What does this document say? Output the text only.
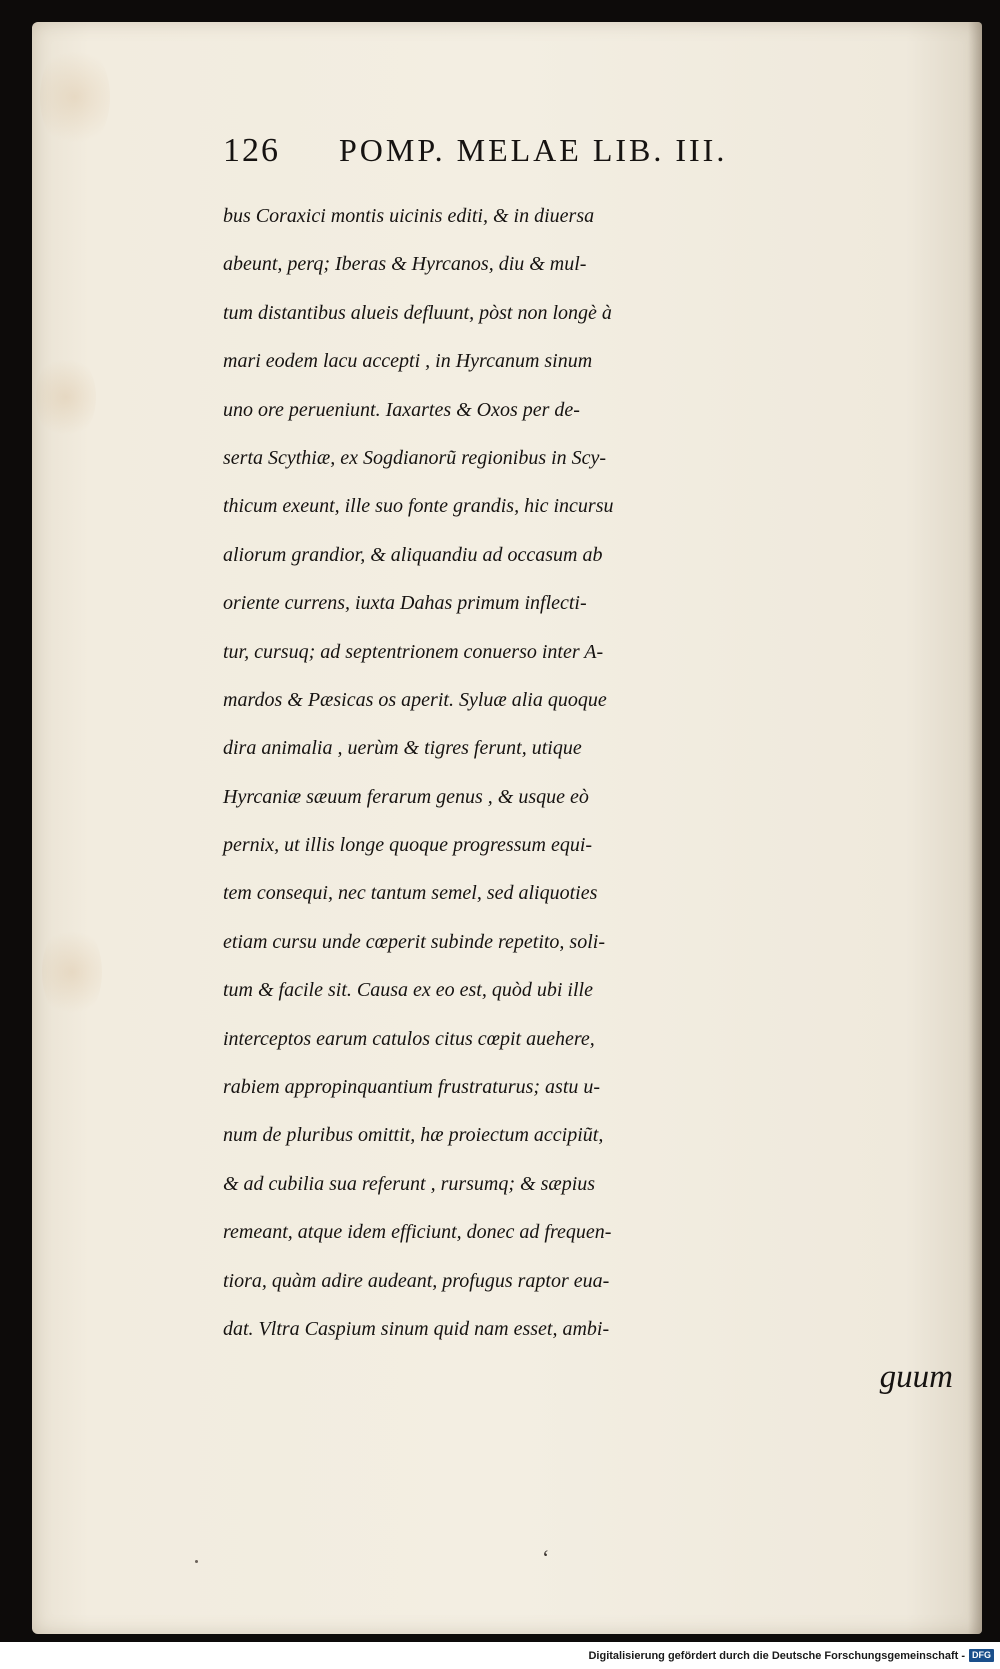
126	POMP. MELAE LIB. III.
bus Coraxici montis uicinis editi, & in diuersa
abeunt, perq; Iberas & Hyrcanos, diu & mul-
tum distantibus alueis defluunt, pòst non longè à
mari eodem lacu accepti , in Hyrcanum sinum
uno ore perueniunt. Iaxartes & Oxos per de-
serta Scythiæ, ex Sogdianorũ regionibus in Scy-
thicum exeunt, ille suo fonte grandis, hic incursu
aliorum grandior, & aliquandiu ad occasum ab
oriente currens, iuxta Dahas primum inflecti-
tur, cursuq; ad septentrionem conuerso inter A-
mardos & Pæsicas os aperit. Syluæ alia quoque
dira animalia , uerùm & tigres ferunt, utique
Hyrcaniæ sæuum ferarum genus , & usque eò
pernix, ut illis longe quoque progressum equi-
tem consequi, nec tantum semel, sed aliquoties
etiam cursu unde cœperit subinde repetito, soli-
tum & facile sit. Causa ex eo est, quòd ubi ille
interceptos earum catulos citus cœpit auehere,
rabiem appropinquantium frustraturus; astu u-
num de pluribus omittit, hæ proiectum accipiũt,
& ad cubilia sua referunt , rursumq; & sæpius
remeant, atque idem efficiunt, donec ad frequen-
tiora, quàm adire audeant, profugus raptor eua-
dat. Vltra Caspium sinum quid nam esset, ambi-
guum
‘
Digitalisierung gefördert durch die Deutsche Forschungsgemeinschaft - DFG
